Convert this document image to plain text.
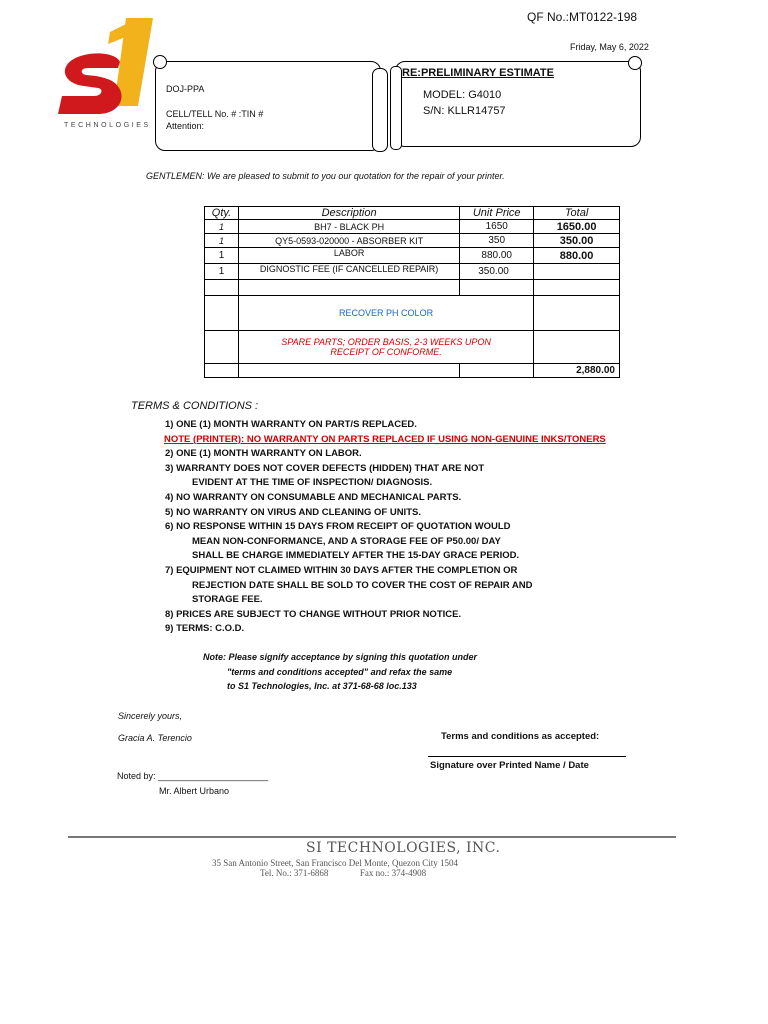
QF No.:MT0122-198
Friday, May 6, 2022
TECHNOLOGIES
DOJ-PPA
CELL/TELL No. # :TIN #
Attention:
RE:PRELIMINARY ESTIMATE
MODEL: G4010
S/N: KLLR14757
GENTLEMEN: We are pleased to submit to you our quotation for the repair of your printer.
Qty.	Description	Unit Price	Total
1	BH7 - BLACK PH	1650	1650.00
1	QY5-0593-020000 - ABSORBER KIT	350	350.00
1	LABOR	880.00	880.00
1	DIGNOSTIC FEE (IF CANCELLED REPAIR)	350.00	

	RECOVER PH COLOR		
	SPARE PARTS; ORDER BASIS, 2-3 WEEKS UPON RECEIPT OF CONFORME.		
			2,880.00
TERMS & CONDITIONS :
1) ONE (1) MONTH WARRANTY ON PART/S REPLACED.
NOTE (PRINTER): NO WARRANTY ON PARTS REPLACED IF USING NON-GENUINE INKS/TONERS
2) ONE (1) MONTH WARRANTY ON LABOR.
3) WARRANTY DOES NOT COVER DEFECTS (HIDDEN) THAT ARE NOT
EVIDENT AT THE TIME OF INSPECTION/ DIAGNOSIS.
4) NO WARRANTY ON CONSUMABLE AND MECHANICAL PARTS.
5) NO WARRANTY ON VIRUS AND CLEANING OF UNITS.
6) NO RESPONSE WITHIN 15 DAYS FROM RECEIPT OF QUOTATION WOULD
MEAN NON-CONFORMANCE, AND A STORAGE FEE OF P50.00/ DAY
SHALL BE CHARGE IMMEDIATELY AFTER THE 15-DAY GRACE PERIOD.
7) EQUIPMENT NOT CLAIMED WITHIN 30 DAYS AFTER THE COMPLETION OR
REJECTION DATE SHALL BE SOLD TO COVER THE COST OF REPAIR AND
STORAGE FEE.
8) PRICES ARE SUBJECT TO CHANGE WITHOUT PRIOR NOTICE.
9) TERMS: C.O.D.
Note: Please signify acceptance by signing this quotation under
"terms and conditions accepted" and refax the same
to S1 Technologies, Inc. at 371-68-68 loc.133
Sincerely yours,
Gracia A. Terencio	Terms and conditions as accepted:
Signature over Printed Name / Date
Noted by: ______________________
Mr. Albert Urbano
SI TECHNOLOGIES, INC.
35 San Antonio Street, San Francisco Del Monte, Quezon City 1504
Tel. No.: 371-6868              Fax no.: 374-4908
